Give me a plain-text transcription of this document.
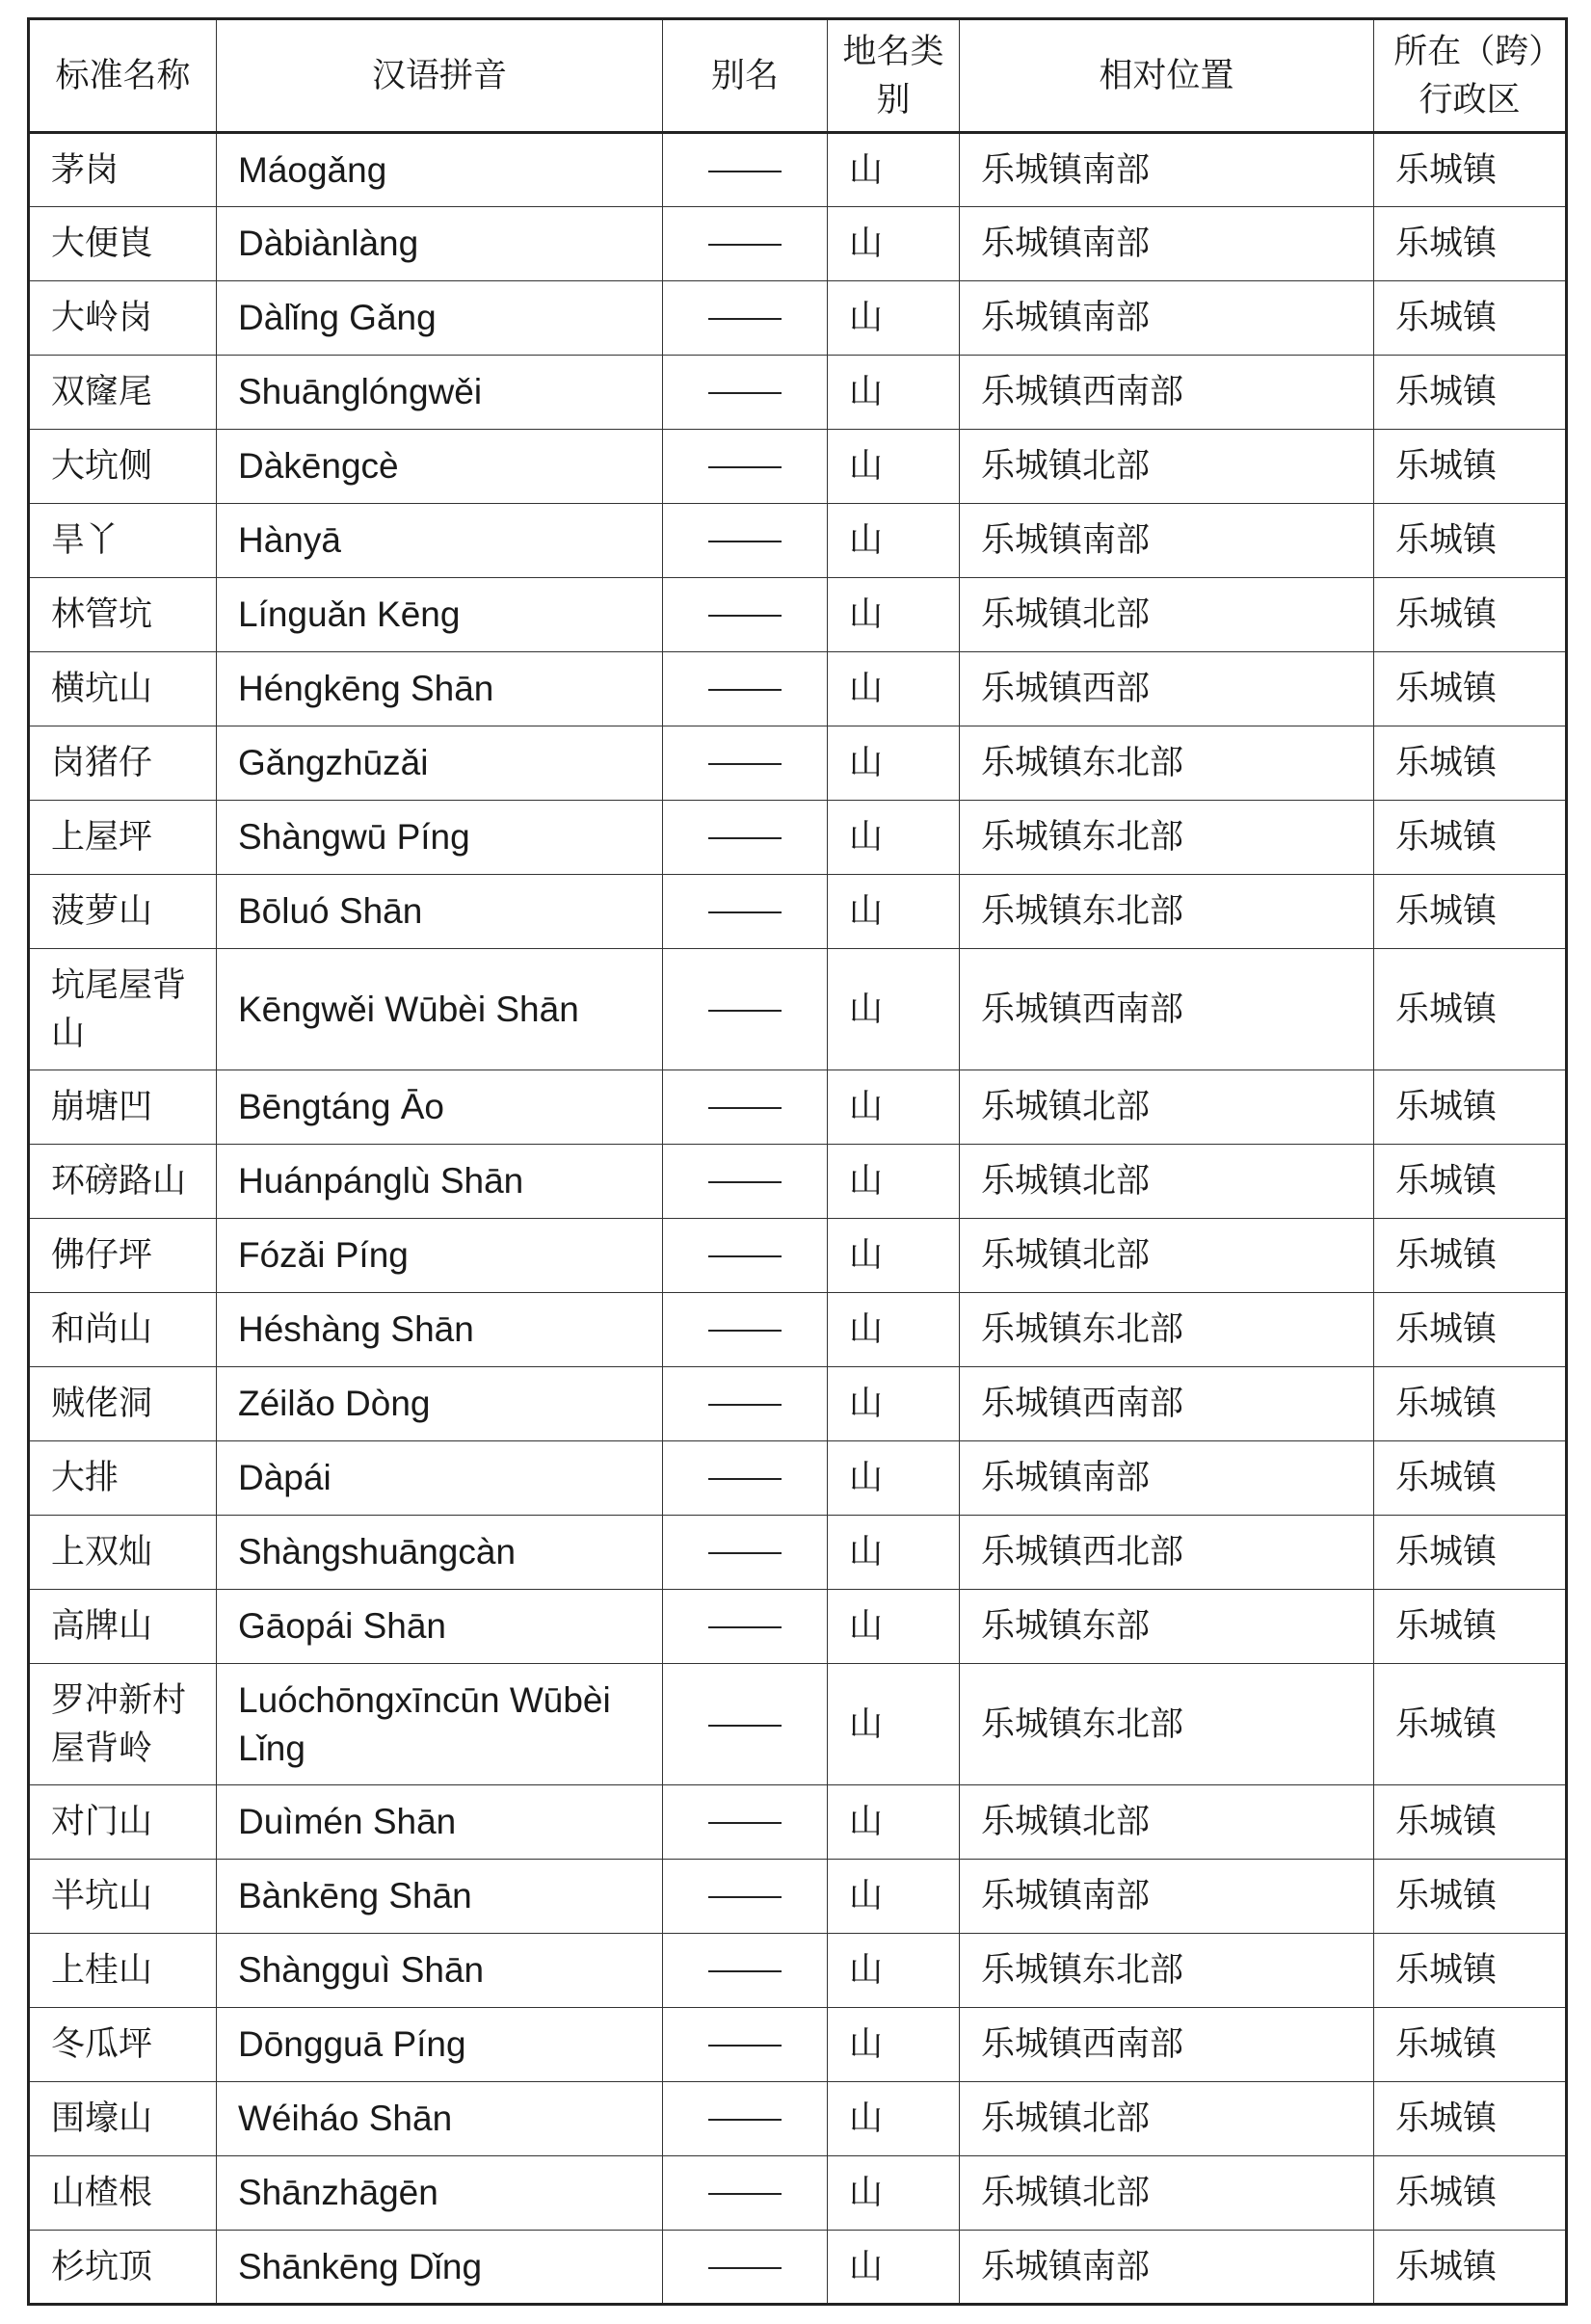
标准名称	汉语拼音	别名	地名类别	相对位置	所在（跨）行政区
茅岗	Máogǎng		山	乐城镇南部	乐城镇
大便崀	Dàbiànlàng		山	乐城镇南部	乐城镇
大岭岗	Dàlǐng Gǎng		山	乐城镇南部	乐城镇
双窿尾	Shuānglóngwěi		山	乐城镇西南部	乐城镇
大坑侧	Dàkēngcè		山	乐城镇北部	乐城镇
旱丫	Hànyā		山	乐城镇南部	乐城镇
林管坑	Línguǎn Kēng		山	乐城镇北部	乐城镇
横坑山	Héngkēng Shān		山	乐城镇西部	乐城镇
岗猪仔	Gǎngzhūzǎi		山	乐城镇东北部	乐城镇
上屋坪	Shàngwū Píng		山	乐城镇东北部	乐城镇
菠萝山	Bōluó Shān		山	乐城镇东北部	乐城镇
坑尾屋背山	Kēngwěi Wūbèi Shān		山	乐城镇西南部	乐城镇
崩塘凹	Bēngtáng Āo		山	乐城镇北部	乐城镇
环磅路山	Huánpánglù Shān		山	乐城镇北部	乐城镇
佛仔坪	Fózǎi Píng		山	乐城镇北部	乐城镇
和尚山	Héshàng Shān		山	乐城镇东北部	乐城镇
贼佬洞	Zéilǎo Dòng		山	乐城镇西南部	乐城镇
大排	Dàpái		山	乐城镇南部	乐城镇
上双灿	Shàngshuāngcàn		山	乐城镇西北部	乐城镇
高牌山	Gāopái Shān		山	乐城镇东部	乐城镇
罗冲新村屋背岭	Luóchōngxīncūn Wūbèi Lǐng		山	乐城镇东北部	乐城镇
对门山	Duìmén Shān		山	乐城镇北部	乐城镇
半坑山	Bànkēng Shān		山	乐城镇南部	乐城镇
上桂山	Shàngguì Shān		山	乐城镇东北部	乐城镇
冬瓜坪	Dōngguā Píng		山	乐城镇西南部	乐城镇
围壕山	Wéiháo Shān		山	乐城镇北部	乐城镇
山楂根	Shānzhāgēn		山	乐城镇北部	乐城镇
杉坑顶	Shānkēng Dǐng		山	乐城镇南部	乐城镇
